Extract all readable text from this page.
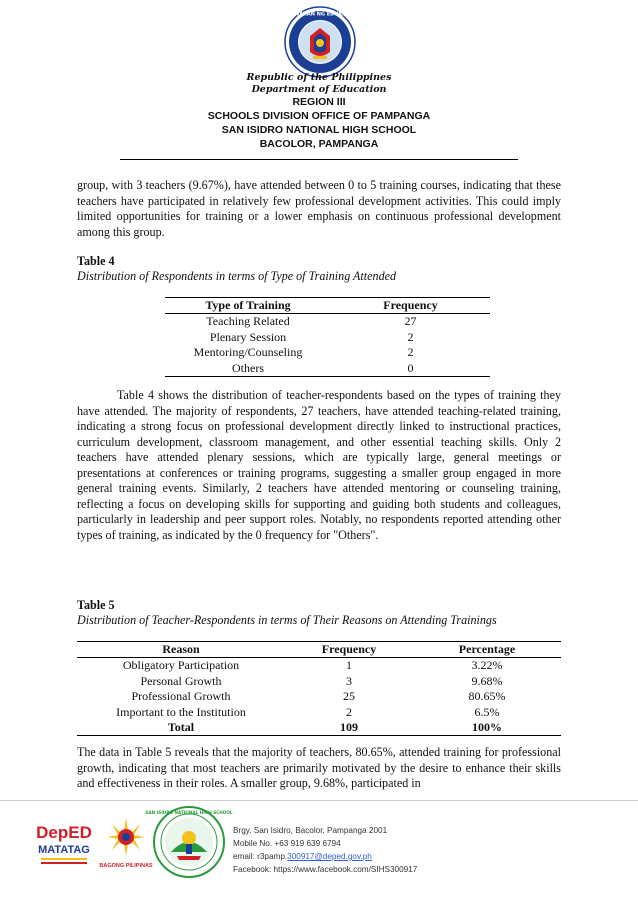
KAGAWARAN NG EDUKASYON
Republic of the Philippines
Department of Education
REGION III
SCHOOLS DIVISION OFFICE OF PAMPANGA
SAN ISIDRO NATIONAL HIGH SCHOOL
BACOLOR, PAMPANGA

group, with 3 teachers (9.67%), have attended between 0 to 5 training courses, indicating that these teachers have participated in relatively few professional development activities. This could imply limited opportunities for training or a lower emphasis on continuous professional development among this group.

Table 4
Distribution of Respondents in terms of Type of Training Attended
Type of Training	Frequency
Teaching Related	27
Plenary Session	2
Mentoring/Counseling	2
Others	0

Table 4 shows the distribution of teacher-respondents based on the types of training they have attended. The majority of respondents, 27 teachers, have attended teaching-related training, indicating a strong focus on professional development directly linked to instructional practices, curriculum development, classroom management, and other essential teaching skills. Only 2 teachers have attended plenary sessions, which are typically large, general meetings or presentations at conferences or training programs, suggesting a smaller group engaged in more general training events. Similarly, 2 teachers have attended mentoring or counseling training, reflecting a focus on developing skills for supporting and guiding both students and colleagues, particularly in leadership and peer support roles. Notably, no respondents reported attending other types of training, as indicated by the 0 frequency for "Others".

Table 5
Distribution of Teacher-Respondents in terms of Their Reasons on Attending Trainings
Reason	Frequency	Percentage
Obligatory Participation	1	3.22%
Personal Growth	3	9.68%
Professional Growth	25	80.65%
Important to the Institution	2	6.5%
Total	109	100%

The data in Table 5 reveals that the majority of teachers, 80.65%, attended training for professional growth, indicating that most teachers are primarily motivated by the desire to enhance their skills and effectiveness in their roles. A smaller group, 9.68%, participated in

DepED
MATATAG
BAGONG PILIPINAS
SAN ISIDRO NATIONAL HIGH SCHOOL
Brgy. San Isidro, Bacolor, Pampanga 2001
Mobile No. +63 919 639 6794
email: r3pamp.300917@deped.gov.ph
Facebook: https://www.facebook.com/SIHS300917
